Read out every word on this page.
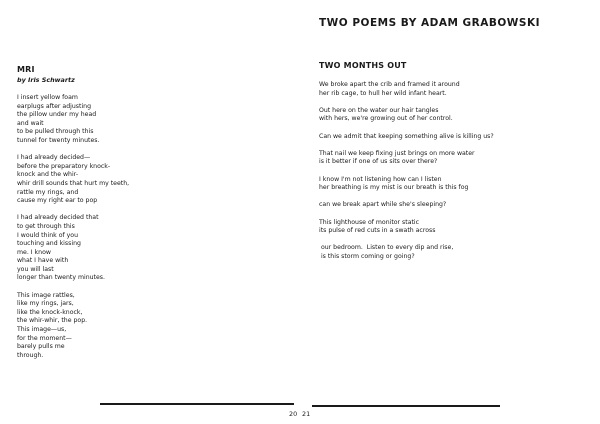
MRI
by Iris Schwartz
I insert yellow foam
earplugs after adjusting
the pillow under my head
and wait
to be pulled through this
tunnel for twenty minutes.
I had already decided—
before the preparatory knock-
knock and the whir-
whir drill sounds that hurt my teeth,
rattle my rings, and
cause my right ear to pop
I had already decided that
to get through this
I would think of you
touching and kissing
me. I know
what I have with
you will last
longer than twenty minutes.
This image rattles,
like my rings, jars,
like the knock-knock,
the whir-whir, the pop.
This image—us,
for the moment—
barely pulls me
through.
20
TWO POEMS BY ADAM GRABOWSKI
TWO MONTHS OUT
We broke apart the crib and framed it around
her rib cage, to hull her wild infant heart.
Out here on the water our hair tangles
with hers, we're growing out of her control.
Can we admit that keeping something alive is killing us?
That nail we keep fixing just brings on more water
is it better if one of us sits over there?
I know I'm not listening how can I listen
her breathing is my mist is our breath is this fog
can we break apart while she's sleeping?
This lighthouse of monitor static
its pulse of red cuts in a swath across
our bedroom.  Listen to every dip and rise,
is this storm coming or going?
21
